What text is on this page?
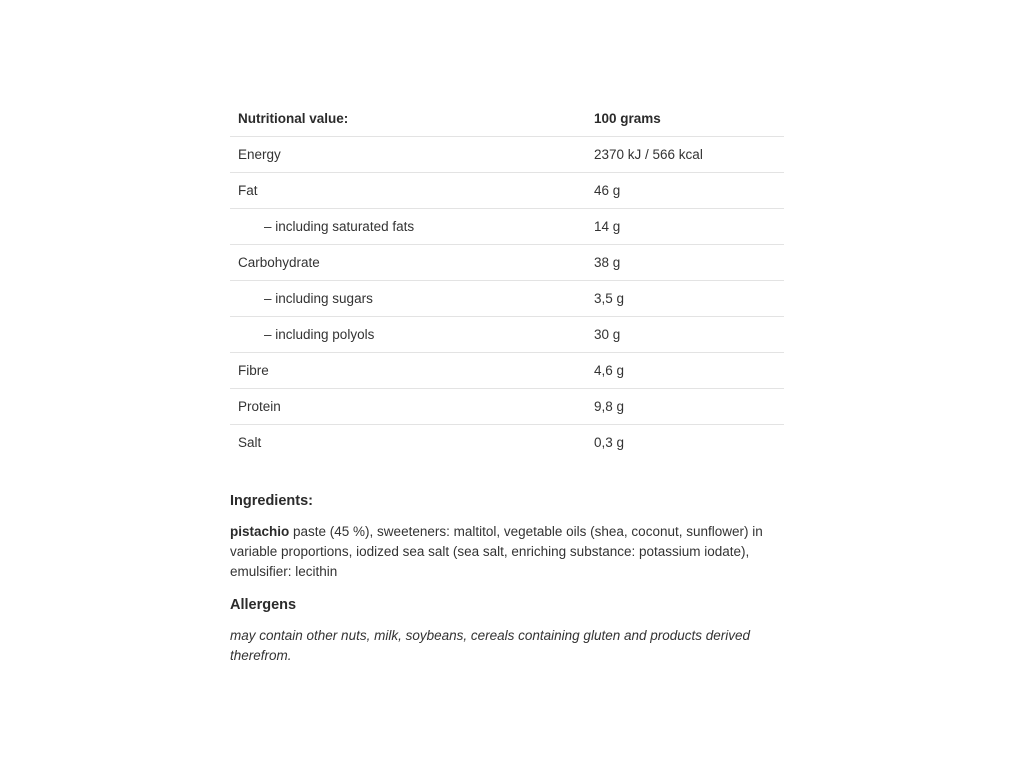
Nutritional value:	100 grams
Energy	2370 kJ / 566 kcal
Fat	46 g
– including saturated fats	14 g
Carbohydrate	38 g
– including sugars	3,5 g
– including polyols	30 g
Fibre	4,6 g
Protein	9,8 g
Salt	0,3 g
Ingredients:

pistachio paste (45 %), sweeteners: maltitol, vegetable oils (shea, coconut, sunflower) in variable proportions, iodized sea salt (sea salt, enriching substance: potassium iodate), emulsifier: lecithin

Allergens

may contain other nuts, milk, soybeans, cereals containing gluten and products derived therefrom.
